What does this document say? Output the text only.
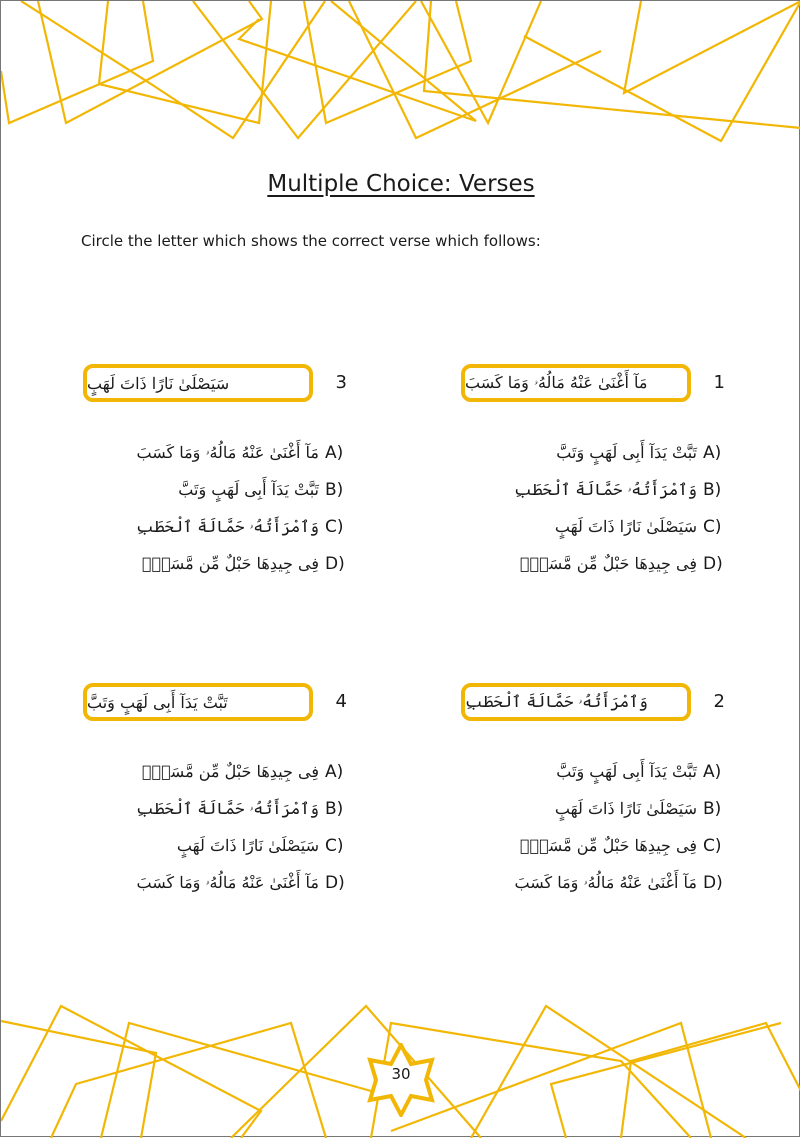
Multiple Choice: Verses
Circle the letter which shows the correct verse which follows:
مَآ أَغْنَىٰ عَنْهُ مَالُهُۥ وَمَا كَسَبَ	1
تَبَّتْ يَدَآ أَبِى لَهَبٍ وَتَبَّ A)
وَٱمْرَأَتُهُۥ حَمَّالَةَ ٱلْحَطَبِ B)
سَيَصْلَىٰ نَارًا ذَاتَ لَهَبٍ C)
فِى جِيدِهَا حَبْلٌ مِّن مَّسَدٍۭ D)
سَيَصْلَىٰ نَارًا ذَاتَ لَهَبٍ	3
مَآ أَغْنَىٰ عَنْهُ مَالُهُۥ وَمَا كَسَبَ A)
تَبَّتْ يَدَآ أَبِى لَهَبٍ وَتَبَّ B)
وَٱمْرَأَتُهُۥ حَمَّالَةَ ٱلْحَطَبِ C)
فِى جِيدِهَا حَبْلٌ مِّن مَّسَدٍۭ D)
وَٱمْرَأَتُهُۥ حَمَّالَةَ ٱلْحَطَبِ	2
تَبَّتْ يَدَآ أَبِى لَهَبٍ وَتَبَّ A)
سَيَصْلَىٰ نَارًا ذَاتَ لَهَبٍ B)
فِى جِيدِهَا حَبْلٌ مِّن مَّسَدٍۭ C)
مَآ أَغْنَىٰ عَنْهُ مَالُهُۥ وَمَا كَسَبَ D)
تَبَّتْ يَدَآ أَبِى لَهَبٍ وَتَبَّ	4
فِى جِيدِهَا حَبْلٌ مِّن مَّسَدٍۭ A)
وَٱمْرَأَتُهُۥ حَمَّالَةَ ٱلْحَطَبِ B)
سَيَصْلَىٰ نَارًا ذَاتَ لَهَبٍ C)
مَآ أَغْنَىٰ عَنْهُ مَالُهُۥ وَمَا كَسَبَ D)
30
